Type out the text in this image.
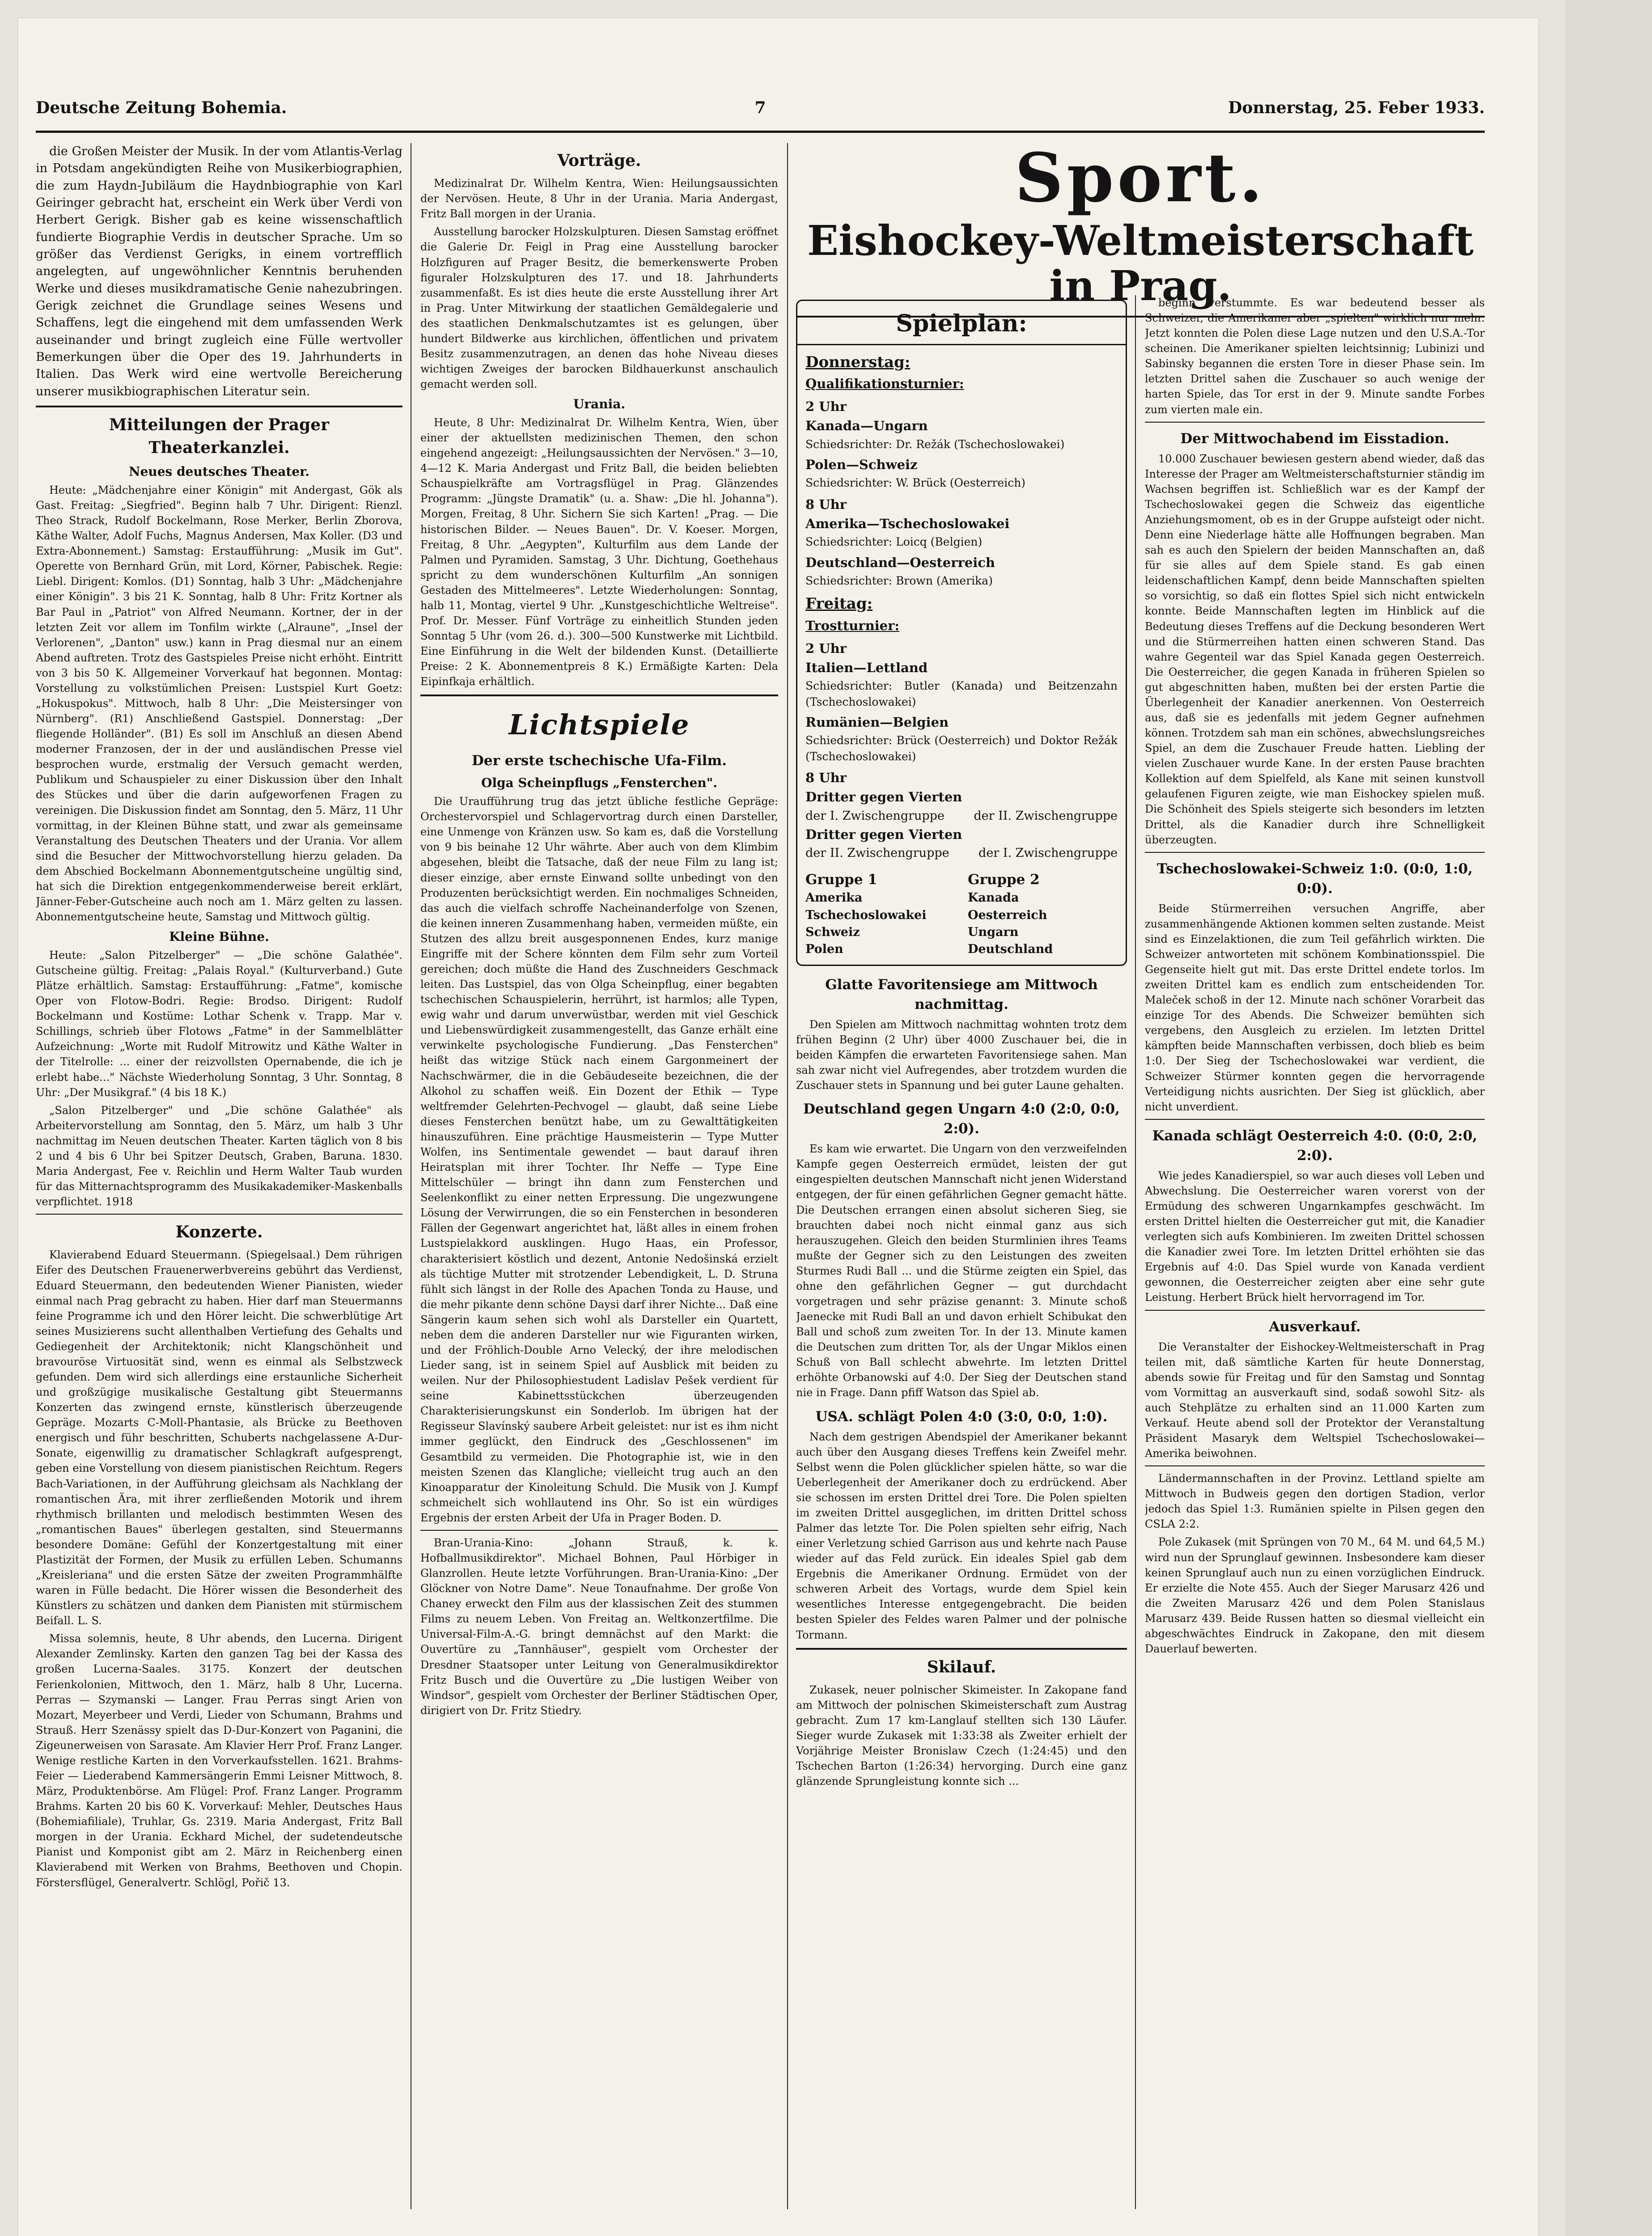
Deutsche Zeitung Bohemia.	7	Donnerstag, 25. Feber 1933.

die Großen Meister der Musik. In der vom Atlantis-Verlag in Potsdam angekündigten Reihe von Musikerbiographien, die zum Haydn-Jubiläum die Haydnbiographie von Karl Geiringer gebracht hat, erscheint ein Werk über Verdi von Herbert Gerigk. Bisher gab es keine wissenschaftlich fundierte Biographie Verdis in deutscher Sprache. Um so größer das Verdienst Gerigks, in einem vortrefflich angelegten, auf ungewöhnlicher Kenntnis beruhenden Werke und dieses musikdramatische Genie nahezubringen. Gerigk zeichnet die Grundlage seines Wesens und Schaffens, legt die eingehend mit dem umfassenden Werk auseinander und bringt zugleich eine Fülle wertvoller Bemerkungen über die Oper des 19. Jahrhunderts in Italien. Das Werk wird eine wertvolle Bereicherung unserer musikbiographischen Literatur sein.

Mitteilungen der Prager Theaterkanzlei.
Neues deutsches Theater.

Heute: „Mädchenjahre einer Königin" mit Andergast, Gök als Gast. Freitag: „Siegfried". Beginn halb 7 Uhr. Dirigent: Rienzl. Theo Strack, Rudolf Bockelmann, Rose Merker, Berlin Zborova, Käthe Walter, Adolf Fuchs, Magnus Andersen, Max Koller. (D3 und Extra-Abonnement.) Samstag: Erstaufführung: „Musik im Gut". Operette von Bernhard Grün, mit Lord, Körner, Pabischek. Regie: Liebl. Dirigent: Komlos. (D1) Sonntag, halb 3 Uhr: „Mädchenjahre einer Königin". 3 bis 21 K. Sonntag, halb 8 Uhr: Fritz Kortner als Bar Paul in „Patriot" von Alfred Neumann. Kortner, der in der letzten Zeit vor allem im Tonfilm wirkte („Alraune", „Insel der Verlorenen", „Danton" usw.) kann in Prag diesmal nur an einem Abend auftreten. Trotz des Gastspieles Preise nicht erhöht. Eintritt von 3 bis 50 K. Allgemeiner Vorverkauf hat begonnen. Montag: Vorstellung zu volkstümlichen Preisen: Lustspiel Kurt Goetz: „Hokuspokus". Mittwoch, halb 8 Uhr: „Die Meistersinger von Nürnberg". (R1) Anschließend Gastspiel. Donnerstag: „Der fliegende Holländer". (B1) Es soll im Anschluß an diesen Abend moderner Franzosen, der in der und ausländischen Presse viel besprochen wurde, erstmalig der Versuch gemacht werden, Publikum und Schauspieler zu einer Diskussion über den Inhalt des Stückes und über die darin aufgeworfenen Fragen zu vereinigen. Die Diskussion findet am Sonntag, den 5. März, 11 Uhr vormittag, in der Kleinen Bühne statt, und zwar als gemeinsame Veranstaltung des Deutschen Theaters und der Urania. Vor allem sind die Besucher der Mittwochvorstellung hierzu geladen. Da dem Abschied Bockelmann Abonnementgutscheine ungültig sind, hat sich die Direktion entgegenkommenderweise bereit erklärt, Jänner-Feber-Gutscheine auch noch am 1. März gelten zu lassen. Abonnementgutscheine heute, Samstag und Mittwoch gültig.

Kleine Bühne.

Heute: „Salon Pitzelberger" — „Die schöne Galathée". Gutscheine gültig. Freitag: „Palais Royal." (Kulturverband.) Gute Plätze erhältlich. Samstag: Erstaufführung: „Fatme", komische Oper von Flotow-Bodri. Regie: Brodso. Dirigent: Rudolf Bockelmann und Kostüme: Lothar Schenk v. Trapp. Mar v. Schillings, schrieb über Flotows „Fatme" in der Sammelblätter Aufzeichnung: „Worte mit Rudolf Mitrowitz und Käthe Walter in der Titelrolle: ... einer der reizvollsten Opernabende, die ich je erlebt habe..." Nächste Wiederholung Sonntag, 3 Uhr. Sonntag, 8 Uhr: „Der Musikgraf." (4 bis 18 K.)

„Salon Pitzelberger" und „Die schöne Galathée" als Arbeitervorstellung am Sonntag, den 5. März, um halb 3 Uhr nachmittag im Neuen deutschen Theater. Karten täglich von 8 bis 2 und 4 bis 6 Uhr bei Spitzer Deutsch, Graben, Baruna. 1830. Maria Andergast, Fee v. Reichlin und Herm Walter Taub wurden für das Mitternachtsprogramm des Musikakademiker-Maskenballs verpflichtet. 1918

Konzerte.

Klavierabend Eduard Steuermann. (Spiegelsaal.) Dem rührigen Eifer des Deutschen Frauenerwerbvereins gebührt das Verdienst, Eduard Steuermann, den bedeutenden Wiener Pianisten, wieder einmal nach Prag gebracht zu haben. Hier darf man Steuermanns feine Programme ich und den Hörer leicht. Die schwerblütige Art seines Musizierens sucht allenthalben Vertiefung des Gehalts und Gediegenheit der Architektonik; nicht Klangschönheit und bravouröse Virtuosität sind, wenn es einmal als Selbstzweck gefunden. Dem wird sich allerdings eine erstaunliche Sicherheit und großzügige musikalische Gestaltung gibt Steuermanns Konzerten das zwingend ernste, künstlerisch überzeugende Gepräge. Mozarts C-Moll-Phantasie, als Brücke zu Beethoven energisch und führ beschritten, Schuberts nachgelassene A-Dur-Sonate, eigenwillig zu dramatischer Schlagkraft aufgesprengt, geben eine Vorstellung von diesem pianistischen Reichtum. Regers Bach-Variationen, in der Aufführung gleichsam als Nachklang der romantischen Ära, mit ihrer zerfließenden Motorik und ihrem rhythmisch brillanten und melodisch bestimmten Wesen des „romantischen Baues" überlegen gestalten, sind Steuermanns besondere Domäne: Gefühl der Konzertgestaltung mit einer Plastizität der Formen, der Musik zu erfüllen Leben. Schumanns „Kreisleriana" und die ersten Sätze der zweiten Programmhälfte waren in Fülle bedacht. Die Hörer wissen die Besonderheit des Künstlers zu schätzen und danken dem Pianisten mit stürmischem Beifall. L. S.

Missa solemnis, heute, 8 Uhr abends, den Lucerna. Dirigent Alexander Zemlinsky. Karten den ganzen Tag bei der Kassa des großen Lucerna-Saales. 3175. Konzert der deutschen Ferienkolonien, Mittwoch, den 1. März, halb 8 Uhr, Lucerna. Perras — Szymanski — Langer. Frau Perras singt Arien von Mozart, Meyerbeer und Verdi, Lieder von Schumann, Brahms und Strauß. Herr Szenässy spielt das D-Dur-Konzert von Paganini, die Zigeunerweisen von Sarasate. Am Klavier Herr Prof. Franz Langer. Wenige restliche Karten in den Vorverkaufsstellen. 1621. Brahms-Feier — Liederabend Kammersängerin Emmi Leisner Mittwoch, 8. März, Produktenbörse. Am Flügel: Prof. Franz Langer. Programm Brahms. Karten 20 bis 60 K. Vorverkauf: Mehler, Deutsches Haus (Bohemiafiliale), Truhlar, Gs. 2319. Maria Andergast, Fritz Ball morgen in der Urania. Eckhard Michel, der sudetendeutsche Pianist und Komponist gibt am 2. März in Reichenberg einen Klavierabend mit Werken von Brahms, Beethoven und Chopin. Förstersflügel, Generalvertr. Schlögl, Pořič 13.

Vorträge.

Medizinalrat Dr. Wilhelm Kentra, Wien: Heilungsaussichten der Nervösen. Heute, 8 Uhr in der Urania. Maria Andergast, Fritz Ball morgen in der Urania.

Ausstellung barocker Holzskulpturen. Diesen Samstag eröffnet die Galerie Dr. Feigl in Prag eine Ausstellung barocker Holzfiguren auf Prager Besitz, die bemerkenswerte Proben figuraler Holzskulpturen des 17. und 18. Jahrhunderts zusammenfaßt. Es ist dies heute die erste Ausstellung ihrer Art in Prag. Unter Mitwirkung der staatlichen Gemäldegalerie und des staatlichen Denkmalschutzamtes ist es gelungen, über hundert Bildwerke aus kirchlichen, öffentlichen und privatem Besitz zusammenzutragen, an denen das hohe Niveau dieses wichtigen Zweiges der barocken Bildhauerkunst anschaulich gemacht werden soll.

Urania.

Heute, 8 Uhr: Medizinalrat Dr. Wilhelm Kentra, Wien, über einer der aktuellsten medizinischen Themen, den schon eingehend angezeigt: „Heilungsaussichten der Nervösen." 3—10, 4—12 K. Maria Andergast und Fritz Ball, die beiden beliebten Schauspielkräfte am Vortragsflügel in Prag. Glänzendes Programm: „Jüngste Dramatik" (u. a. Shaw: „Die hl. Johanna"). Morgen, Freitag, 8 Uhr. Sichern Sie sich Karten! „Prag. — Die historischen Bilder. — Neues Bauen". Dr. V. Koeser. Morgen, Freitag, 8 Uhr. „Aegypten", Kulturfilm aus dem Lande der Palmen und Pyramiden. Samstag, 3 Uhr. Dichtung, Goethehaus spricht zu dem wunderschönen Kulturfilm „An sonnigen Gestaden des Mittelmeeres". Letzte Wiederholungen: Sonntag, halb 11, Montag, viertel 9 Uhr. „Kunstgeschichtliche Weltreise". Prof. Dr. Messer. Fünf Vorträge zu einheitlich Stunden jeden Sonntag 5 Uhr (vom 26. d.). 300—500 Kunstwerke mit Lichtbild. Eine Einführung in die Welt der bildenden Kunst. (Detaillierte Preise: 2 K. Abonnementpreis 8 K.) Ermäßigte Karten: Dela Eipinfkaja erhältlich.

Lichtspiele
Der erste tschechische Ufa-Film.
Olga Scheinpflugs „Fensterchen".

Die Uraufführung trug das jetzt übliche festliche Gepräge: Orchestervorspiel und Schlagervortrag durch einen Darsteller, eine Unmenge von Kränzen usw. So kam es, daß die Vorstellung von 9 bis beinahe 12 Uhr währte. Aber auch von dem Klimbim abgesehen, bleibt die Tatsache, daß der neue Film zu lang ist; dieser einzige, aber ernste Einwand sollte unbedingt von den Produzenten berücksichtigt werden. Ein nochmaliges Schneiden, das auch die vielfach schroffe Nacheinanderfolge von Szenen, die keinen inneren Zusammenhang haben, vermeiden müßte, ein Stutzen des allzu breit ausgesponnenen Endes, kurz manige Eingriffe mit der Schere könnten dem Film sehr zum Vorteil gereichen; doch müßte die Hand des Zuschneiders Geschmack leiten. Das Lustspiel, das von Olga Scheinpflug, einer begabten tschechischen Schauspielerin, herrührt, ist harmlos; alle Typen, ewig wahr und darum unverwüstbar, werden mit viel Geschick und Liebenswürdigkeit zusammengestellt, das Ganze erhält eine verwinkelte psychologische Fundierung. „Das Fensterchen" heißt das witzige Stück nach einem Gargonmeinert der Nachschwärmer, die in die Gebäudeseite bezeichnen, die der Alkohol zu schaffen weiß. Ein Dozent der Ethik — Type weltfremder Gelehrten-Pechvogel — glaubt, daß seine Liebe dieses Fensterchen benützt habe, um zu Gewalttätigkeiten hinauszuführen. Eine prächtige Hausmeisterin — Type Mutter Wolfen, ins Sentimentale gewendet — baut darauf ihren Heiratsplan mit ihrer Tochter. Ihr Neffe — Type Eine Mittelschüler — bringt ihn dann zum Fensterchen und Seelenkonflikt zu einer netten Erpressung. Die ungezwungene Lösung der Verwirrungen, die so ein Fensterchen in besonderen Fällen der Gegenwart angerichtet hat, läßt alles in einem frohen Lustspielakkord ausklingen. Hugo Haas, ein Professor, charakterisiert köstlich und dezent, Antonie Nedošinská erzielt als tüchtige Mutter mit strotzender Lebendigkeit, L. D. Struna fühlt sich längst in der Rolle des Apachen Tonda zu Hause, und die mehr pikante denn schöne Daysi darf ihrer Nichte... Daß eine Sängerin kaum sehen sich wohl als Darsteller ein Quartett, neben dem die anderen Darsteller nur wie Figuranten wirken, und der Fröhlich-Double Arno Velecký, der ihre melodischen Lieder sang, ist in seinem Spiel auf Ausblick mit beiden zu weilen. Nur der Philosophiestudent Ladislav Pešek verdient für seine Kabinettsstückchen überzeugenden Charakterisierungskunst ein Sonderlob. Im übrigen hat der Regisseur Slavínský saubere Arbeit geleistet: nur ist es ihm nicht immer geglückt, den Eindruck des „Geschlossenen" im Gesamtbild zu vermeiden. Die Photographie ist, wie in den meisten Szenen das Klangliche; vielleicht trug auch an den Kinoapparatur der Kinoleitung Schuld. Die Musik von J. Kumpf schmeichelt sich wohllautend ins Ohr. So ist ein würdiges Ergebnis der ersten Arbeit der Ufa in Prager Boden. D.

Bran-Urania-Kino: „Johann Strauß, k. k. Hofballmusikdirektor". Michael Bohnen, Paul Hörbiger in Glanzrollen. Heute letzte Vorführungen. Bran-Urania-Kino: „Der Glöckner von Notre Dame". Neue Tonaufnahme. Der große Von Chaney erweckt den Film aus der klassischen Zeit des stummen Films zu neuem Leben. Von Freitag an. Weltkonzertfilme. Die Universal-Film-A.-G. bringt demnächst auf den Markt: die Ouvertüre zu „Tannhäuser", gespielt vom Orchester der Dresdner Staatsoper unter Leitung von Generalmusikdirektor Fritz Busch und die Ouvertüre zu „Die lustigen Weiber von Windsor", gespielt vom Orchester der Berliner Städtischen Oper, dirigiert von Dr. Fritz Stiedry.

Sport.
Eishockey-Weltmeisterschaft in Prag.
Spielplan:
Donnerstag:
Qualifikationsturnier:
2 Uhr
Kanada—Ungarn
Schiedsrichter: Dr. Režák (Tschechoslowakei)
Polen—Schweiz
Schiedsrichter: W. Brück (Oesterreich)
8 Uhr
Amerika—Tschechoslowakei
Schiedsrichter: Loicq (Belgien)
Deutschland—Oesterreich
Schiedsrichter: Brown (Amerika)
Freitag:
Trostturnier:
2 Uhr
Italien—Lettland
Schiedsrichter: Butler (Kanada) und Beitzenzahn (Tschechoslowakei)
Rumänien—Belgien
Schiedsrichter: Brück (Oesterreich) und Doktor Režák (Tschechoslowakei)
8 Uhr
Dritter gegen Vierten
der I. Zwischengruppe der II. Zwischengruppe
Dritter gegen Vierten
der II. Zwischengruppe der I. Zwischengruppe
Gruppe 1
Amerika
Tschechoslowakei
Schweiz
Polen
Gruppe 2
Kanada
Oesterreich
Ungarn
Deutschland
Glatte Favoritensiege am Mittwoch nachmittag.

Den Spielen am Mittwoch nachmittag wohnten trotz dem frühen Beginn (2 Uhr) über 4000 Zuschauer bei, die in beiden Kämpfen die erwarteten Favoritensiege sahen. Man sah zwar nicht viel Aufregendes, aber trotzdem wurden die Zuschauer stets in Spannung und bei guter Laune gehalten.

Deutschland gegen Ungarn 4:0 (2:0, 0:0, 2:0).

Es kam wie erwartet. Die Ungarn von den verzweifelnden Kampfe gegen Oesterreich ermüdet, leisten der gut eingespielten deutschen Mannschaft nicht jenen Widerstand entgegen, der für einen gefährlichen Gegner gemacht hätte. Die Deutschen errangen einen absolut sicheren Sieg, sie brauchten dabei noch nicht einmal ganz aus sich herauszugehen. Gleich den beiden Sturmlinien ihres Teams mußte der Gegner sich zu den Leistungen des zweiten Sturmes Rudi Ball ... und die Stürme zeigten ein Spiel, das ohne den gefährlichen Gegner — gut durchdacht vorgetragen und sehr präzise genannt: 3. Minute schoß Jaenecke mit Rudi Ball an und davon erhielt Schibukat den Ball und schoß zum zweiten Tor. In der 13. Minute kamen die Deutschen zum dritten Tor, als der Ungar Miklos einen Schuß von Ball schlecht abwehrte. Im letzten Drittel erhöhte Orbanowski auf 4:0. Der Sieg der Deutschen stand nie in Frage. Dann pfiff Watson das Spiel ab.

USA. schlägt Polen 4:0 (3:0, 0:0, 1:0).

Nach dem gestrigen Abendspiel der Amerikaner bekannt auch über den Ausgang dieses Treffens kein Zweifel mehr. Selbst wenn die Polen glücklicher spielen hätte, so war die Ueberlegenheit der Amerikaner doch zu erdrückend. Aber sie schossen im ersten Drittel drei Tore. Die Polen spielten im zweiten Drittel ausgeglichen, im dritten Drittel schoss Palmer das letzte Tor. Die Polen spielten sehr eifrig, Nach einer Verletzung schied Garrison aus und kehrte nach Pause wieder auf das Feld zurück. Ein ideales Spiel gab dem Ergebnis die Amerikaner Ordnung. Ermüdet von der schweren Arbeit des Vortags, wurde dem Spiel kein wesentliches Interesse entgegengebracht. Die beiden besten Spieler des Feldes waren Palmer und der polnische Tormann.

Skilauf.

Zukasek, neuer polnischer Skimeister. In Zakopane fand am Mittwoch der polnischen Skimeisterschaft zum Austrag gebracht. Zum 17 km-Langlauf stellten sich 130 Läufer. Sieger wurde Zukasek mit 1:33:38 als Zweiter erhielt der Vorjährige Meister Bronislaw Czech (1:24:45) und den Tschechen Barton (1:26:34) hervorging. Durch eine ganz glänzende Sprungleistung konnte sich ...

beginn verstummte. Es war bedeutend besser als Schweizer, die Amerikaner aber „spielten" wirklich nur mehr. Jetzt konnten die Polen diese Lage nutzen und den U.S.A.-Tor scheinen. Die Amerikaner spielten leichtsinnig; Lubinizi und Sabinsky begannen die ersten Tore in dieser Phase sein. Im letzten Drittel sahen die Zuschauer so auch wenige der harten Spiele, das Tor erst in der 9. Minute sandte Forbes zum vierten male ein.

Der Mittwochabend im Eisstadion.

10.000 Zuschauer bewiesen gestern abend wieder, daß das Interesse der Prager am Weltmeisterschaftsturnier ständig im Wachsen begriffen ist. Schließlich war es der Kampf der Tschechoslowakei gegen die Schweiz das eigentliche Anziehungsmoment, ob es in der Gruppe aufsteigt oder nicht. Denn eine Niederlage hätte alle Hoffnungen begraben. Man sah es auch den Spielern der beiden Mannschaften an, daß für sie alles auf dem Spiele stand. Es gab einen leidenschaftlichen Kampf, denn beide Mannschaften spielten so vorsichtig, so daß ein flottes Spiel sich nicht entwickeln konnte. Beide Mannschaften legten im Hinblick auf die Bedeutung dieses Treffens auf die Deckung besonderen Wert und die Stürmerreihen hatten einen schweren Stand. Das wahre Gegenteil war das Spiel Kanada gegen Oesterreich. Die Oesterreicher, die gegen Kanada in früheren Spielen so gut abgeschnitten haben, mußten bei der ersten Partie die Überlegenheit der Kanadier anerkennen. Von Oesterreich aus, daß sie es jedenfalls mit jedem Gegner aufnehmen können. Trotzdem sah man ein schönes, abwechslungsreiches Spiel, an dem die Zuschauer Freude hatten. Liebling der vielen Zuschauer wurde Kane. In der ersten Pause brachten Kollektion auf dem Spielfeld, als Kane mit seinen kunstvoll gelaufenen Figuren zeigte, wie man Eishockey spielen muß. Die Schönheit des Spiels steigerte sich besonders im letzten Drittel, als die Kanadier durch ihre Schnelligkeit überzeugten.

Tschechoslowakei-Schweiz 1:0. (0:0, 1:0, 0:0).

Beide Stürmerreihen versuchen Angriffe, aber zusammenhängende Aktionen kommen selten zustande. Meist sind es Einzelaktionen, die zum Teil gefährlich wirkten. Die Schweizer antworteten mit schönem Kombinationsspiel. Die Gegenseite hielt gut mit. Das erste Drittel endete torlos. Im zweiten Drittel kam es endlich zum entscheidenden Tor. Maleček schoß in der 12. Minute nach schöner Vorarbeit das einzige Tor des Abends. Die Schweizer bemühten sich vergebens, den Ausgleich zu erzielen. Im letzten Drittel kämpften beide Mannschaften verbissen, doch blieb es beim 1:0. Der Sieg der Tschechoslowakei war verdient, die Schweizer Stürmer konnten gegen die hervorragende Verteidigung nichts ausrichten. Der Sieg ist glücklich, aber nicht unverdient.

Kanada schlägt Oesterreich 4:0. (0:0, 2:0, 2:0).

Wie jedes Kanadierspiel, so war auch dieses voll Leben und Abwechslung. Die Oesterreicher waren vorerst von der Ermüdung des schweren Ungarnkampfes geschwächt. Im ersten Drittel hielten die Oesterreicher gut mit, die Kanadier verlegten sich aufs Kombinieren. Im zweiten Drittel schossen die Kanadier zwei Tore. Im letzten Drittel erhöhten sie das Ergebnis auf 4:0. Das Spiel wurde von Kanada verdient gewonnen, die Oesterreicher zeigten aber eine sehr gute Leistung. Herbert Brück hielt hervorragend im Tor.

Ausverkauf.

Die Veranstalter der Eishockey-Weltmeisterschaft in Prag teilen mit, daß sämtliche Karten für heute Donnerstag, abends sowie für Freitag und für den Samstag und Sonntag vom Vormittag an ausverkauft sind, sodaß sowohl Sitz- als auch Stehplätze zu erhalten sind an 11.000 Karten zum Verkauf. Heute abend soll der Protektor der Veranstaltung Präsident Masaryk dem Weltspiel Tschechoslowakei—Amerika beiwohnen.

Ländermannschaften in der Provinz. Lettland spielte am Mittwoch in Budweis gegen den dortigen Stadion, verlor jedoch das Spiel 1:3. Rumänien spielte in Pilsen gegen den CSLA 2:2.

Pole Zukasek (mit Sprüngen von 70 M., 64 M. und 64,5 M.) wird nun der Sprunglauf gewinnen. Insbesondere kam dieser keinen Sprunglauf auch nun zu einen vorzüglichen Eindruck. Er erzielte die Note 455. Auch der Sieger Marusarz 426 und die Zweiten Marusarz 426 und dem Polen Stanislaus Marusarz 439. Beide Russen hatten so diesmal vielleicht ein abgeschwächtes Eindruck in Zakopane, den mit diesem Dauerlauf bewerten.
